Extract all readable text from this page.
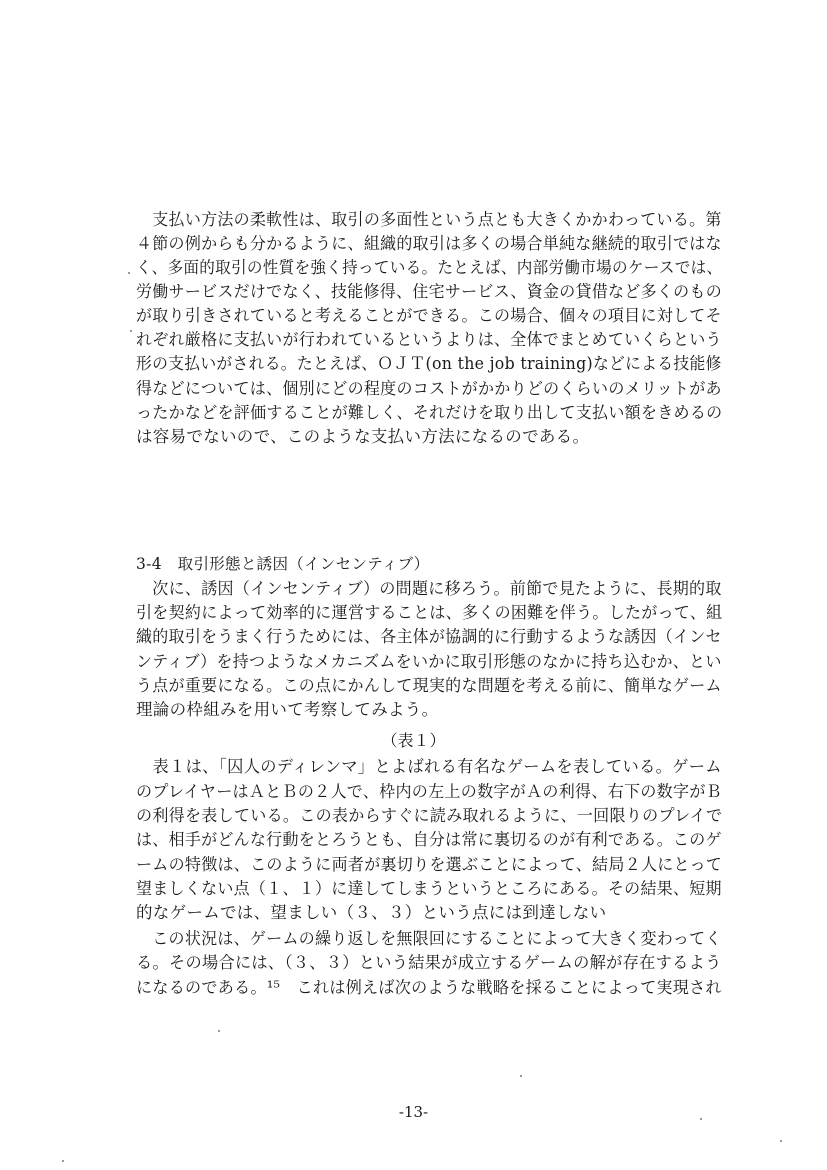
　支払い方法の柔軟性は、取引の多面性という点とも大きくかかわっている。第
４節の例からも分かるように、組織的取引は多くの場合単純な継続的取引ではな
く、多面的取引の性質を強く持っている。たとえば、内部労働市場のケースでは、
労働サービスだけでなく、技能修得、住宅サービス、資金の貸借など多くのもの
が取り引きされていると考えることができる。この場合、個々の項目に対してそ
れぞれ厳格に支払いが行われているというよりは、全体でまとめていくらという
形の支払いがされる。たとえば、ＯＪＴ(on the job training)などによる技能修
得などについては、個別にどの程度のコストがかかりどのくらいのメリットがあ
ったかなどを評価することが難しく、それだけを取り出して支払い額をきめるの
は容易でないので、このような支払い方法になるのである。
3-4　取引形態と誘因（インセンティブ）
　次に、誘因（インセンティブ）の問題に移ろう。前節で見たように、長期的取
引を契約によって効率的に運営することは、多くの困難を伴う。したがって、組
織的取引をうまく行うためには、各主体が協調的に行動するような誘因（インセ
ンティブ）を持つようなメカニズムをいかに取引形態のなかに持ち込むか、とい
う点が重要になる。この点にかんして現実的な問題を考える前に、簡単なゲーム
理論の枠組みを用いて考察してみよう。
（表１）
　表１は、「囚人のディレンマ」とよばれる有名なゲームを表している。ゲーム
のプレイヤーはＡとＢの２人で、枠内の左上の数字がＡの利得、右下の数字がＢ
の利得を表している。この表からすぐに読み取れるように、一回限りのプレイで
は、相手がどんな行動をとろうとも、自分は常に裏切るのが有利である。このゲ
ームの特徴は、このように両者が裏切りを選ぶことによって、結局２人にとって
望ましくない点（１、１）に達してしまうというところにある。その結果、短期
的なゲームでは、望ましい（３、３）という点には到達しない
　この状況は、ゲームの繰り返しを無限回にすることによって大きく変わってく
る。その場合には、（３、３）という結果が成立するゲームの解が存在するよう
になるのである。¹⁵　これは例えば次のような戦略を採ることによって実現され
-13-
